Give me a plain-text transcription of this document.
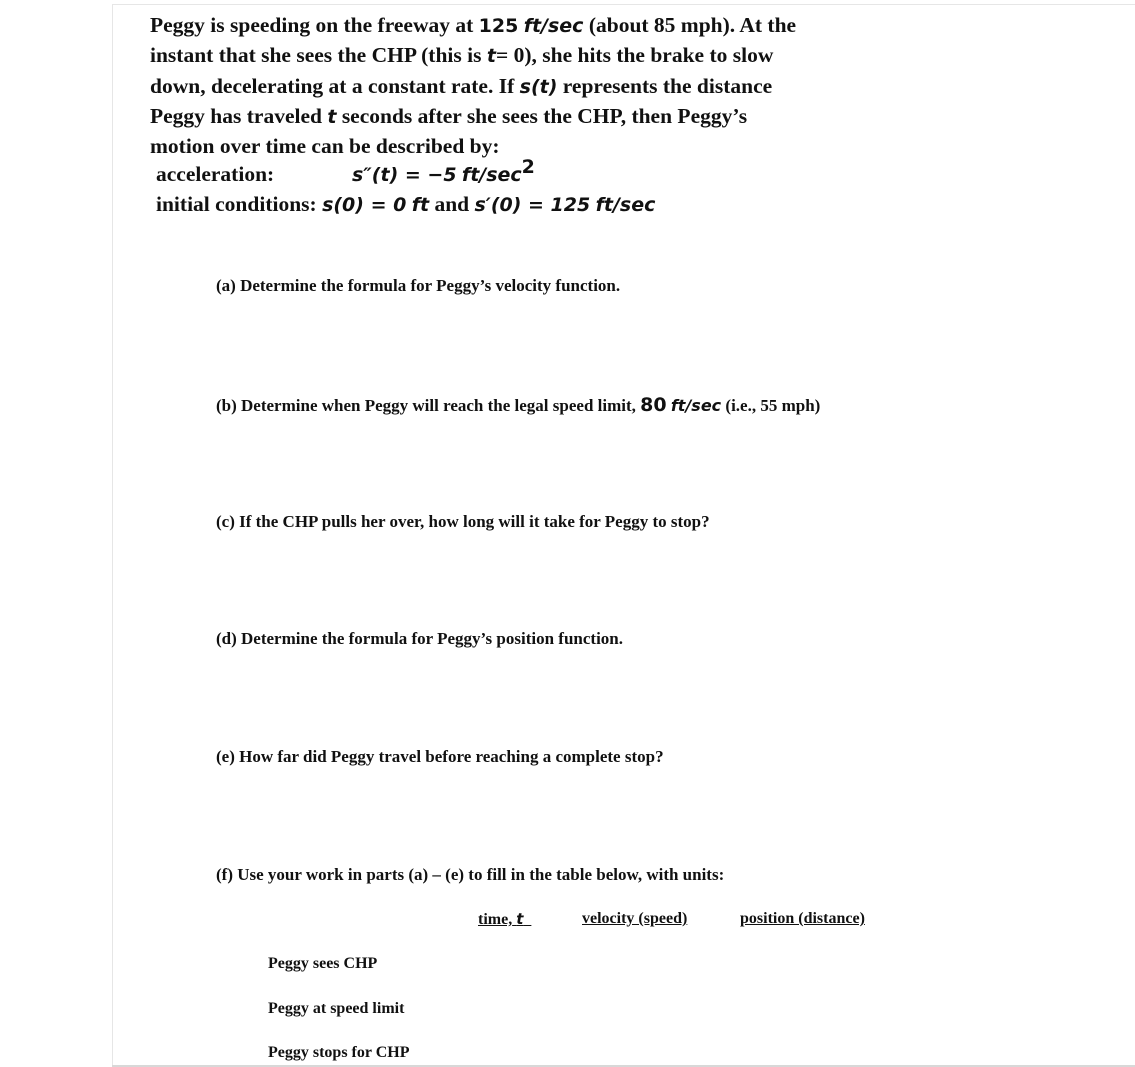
Peggy is speeding on the freeway at 125 ft/sec (about 85 mph). At the
instant that she sees the CHP (this is t= 0), she hits the brake to slow
down, decelerating at a constant rate. If s(t) represents the distance
Peggy has traveled t seconds after she sees the CHP, then Peggy’s
motion over time can be described by:
acceleration:	s″(t) = −5 $ft/\sec^2$
initial conditions: s(0) = 0 ft and s′(0) = 125 ft/sec
(a) Determine the formula for Peggy’s velocity function.
(b) Determine when Peggy will reach the legal speed limit, 80 ft/sec (i.e., 55 mph)
(c) If the CHP pulls her over, how long will it take for Peggy to stop?
(d) Determine the formula for Peggy’s position function.
(e) How far did Peggy travel before reaching a complete stop?
(f) Use your work in parts (a) – (e) to fill in the table below, with units:
time, t	velocity (speed)	position (distance)
Peggy sees CHP
Peggy at speed limit
Peggy stops for CHP
